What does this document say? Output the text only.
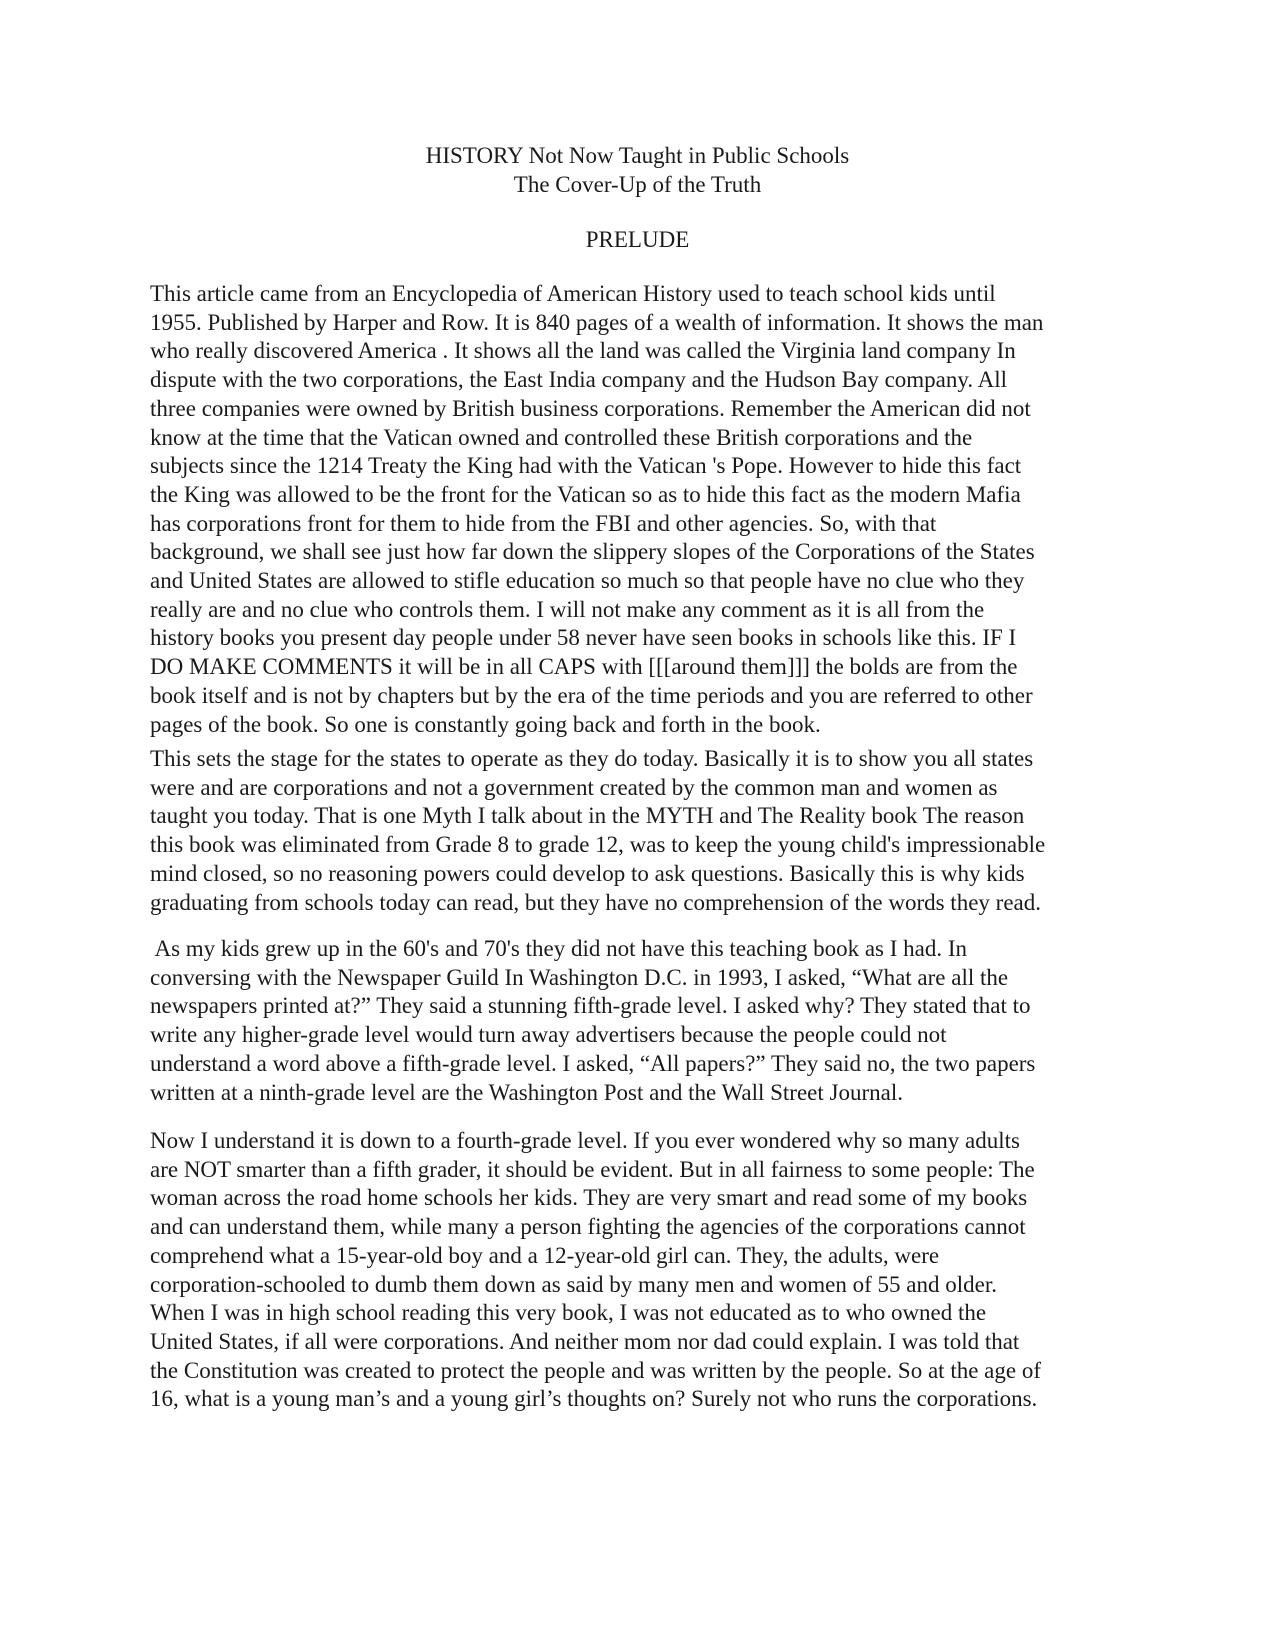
HISTORY Not Now Taught in Public Schools
The Cover-Up of the Truth
PRELUDE
This article came from an Encyclopedia of American History used to teach school kids until
1955. Published by Harper and Row. It is 840 pages of a wealth of information. It shows the man
who really discovered America . It shows all the land was called the Virginia land company In
dispute with the two corporations, the East India company and the Hudson Bay company. All
three companies were owned by British business corporations. Remember the American did not
know at the time that the Vatican owned and controlled these British corporations and the
subjects since the 1214 Treaty the King had with the Vatican 's Pope. However to hide this fact
the King was allowed to be the front for the Vatican so as to hide this fact as the modern Mafia
has corporations front for them to hide from the FBI and other agencies. So, with that
background, we shall see just how far down the slippery slopes of the Corporations of the States
and United States are allowed to stifle education so much so that people have no clue who they
really are and no clue who controls them. I will not make any comment as it is all from the
history books you present day people under 58 never have seen books in schools like this. IF I
DO MAKE COMMENTS it will be in all CAPS with [[[around them]]] the bolds are from the
book itself and is not by chapters but by the era of the time periods and you are referred to other
pages of the book. So one is constantly going back and forth in the book.
This sets the stage for the states to operate as they do today. Basically it is to show you all states
were and are corporations and not a government created by the common man and women as
taught you today. That is one Myth I talk about in the MYTH and The Reality book The reason
this book was eliminated from Grade 8 to grade 12, was to keep the young child's impressionable
mind closed, so no reasoning powers could develop to ask questions. Basically this is why kids
graduating from schools today can read, but they have no comprehension of the words they read.
As my kids grew up in the 60's and 70's they did not have this teaching book as I had. In
conversing with the Newspaper Guild In Washington D.C. in 1993, I asked, “What are all the
newspapers printed at?” They said a stunning fifth-grade level. I asked why? They stated that to
write any higher-grade level would turn away advertisers because the people could not
understand a word above a fifth-grade level. I asked, “All papers?” They said no, the two papers
written at a ninth-grade level are the Washington Post and the Wall Street Journal.
Now I understand it is down to a fourth-grade level. If you ever wondered why so many adults
are NOT smarter than a fifth grader, it should be evident. But in all fairness to some people: The
woman across the road home schools her kids. They are very smart and read some of my books
and can understand them, while many a person fighting the agencies of the corporations cannot
comprehend what a 15-year-old boy and a 12-year-old girl can. They, the adults, were
corporation-schooled to dumb them down as said by many men and women of 55 and older.
When I was in high school reading this very book, I was not educated as to who owned the
United States, if all were corporations. And neither mom nor dad could explain. I was told that
the Constitution was created to protect the people and was written by the people. So at the age of
16, what is a young man’s and a young girl’s thoughts on? Surely not who runs the corporations.
